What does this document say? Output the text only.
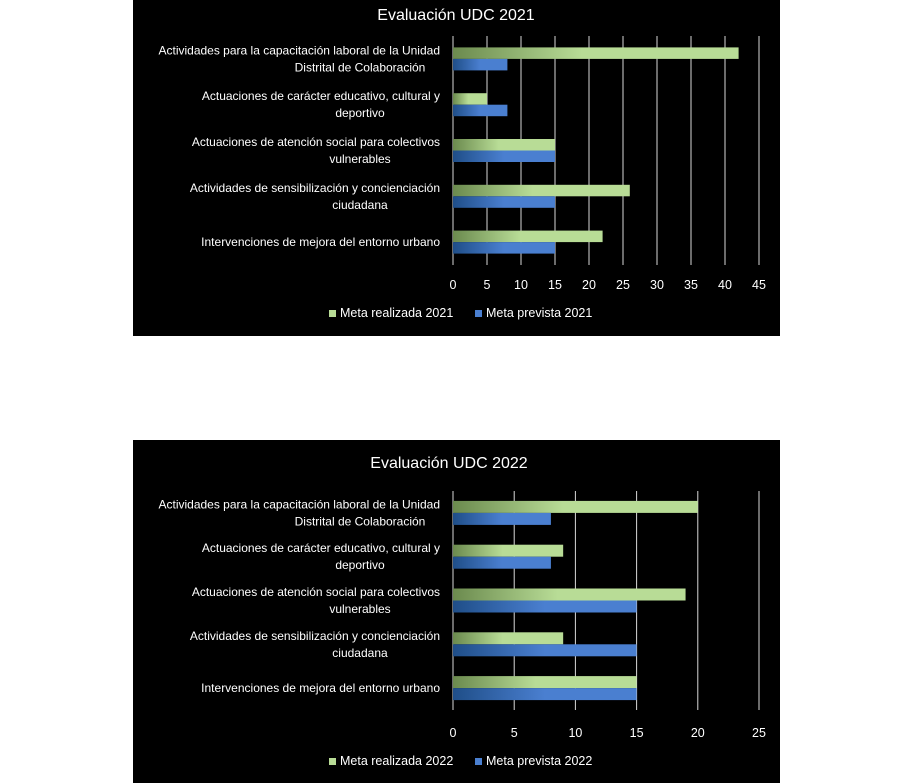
Evaluación UDC 2021
0 5 10 15 20 25 30 35 40 45
Actividades para la capacitación laboral de la Unidad
Distrital de Colaboración
Actuaciones de carácter educativo, cultural y
deportivo
Actuaciones de atención social para colectivos
vulnerables
Actividades de sensibilización y concienciación
ciudadana
Intervenciones de mejora del entorno urbano
Meta realizada 2021	Meta prevista 2021
Evaluación UDC 2022
0	5	10	15	20	25
Actividades para la capacitación laboral de la Unidad
Distrital de Colaboración
Actuaciones de carácter educativo, cultural y
deportivo
Actuaciones de atención social para colectivos
vulnerables
Actividades de sensibilización y concienciación
ciudadana
Intervenciones de mejora del entorno urbano
Meta realizada 2022	Meta prevista 2022
